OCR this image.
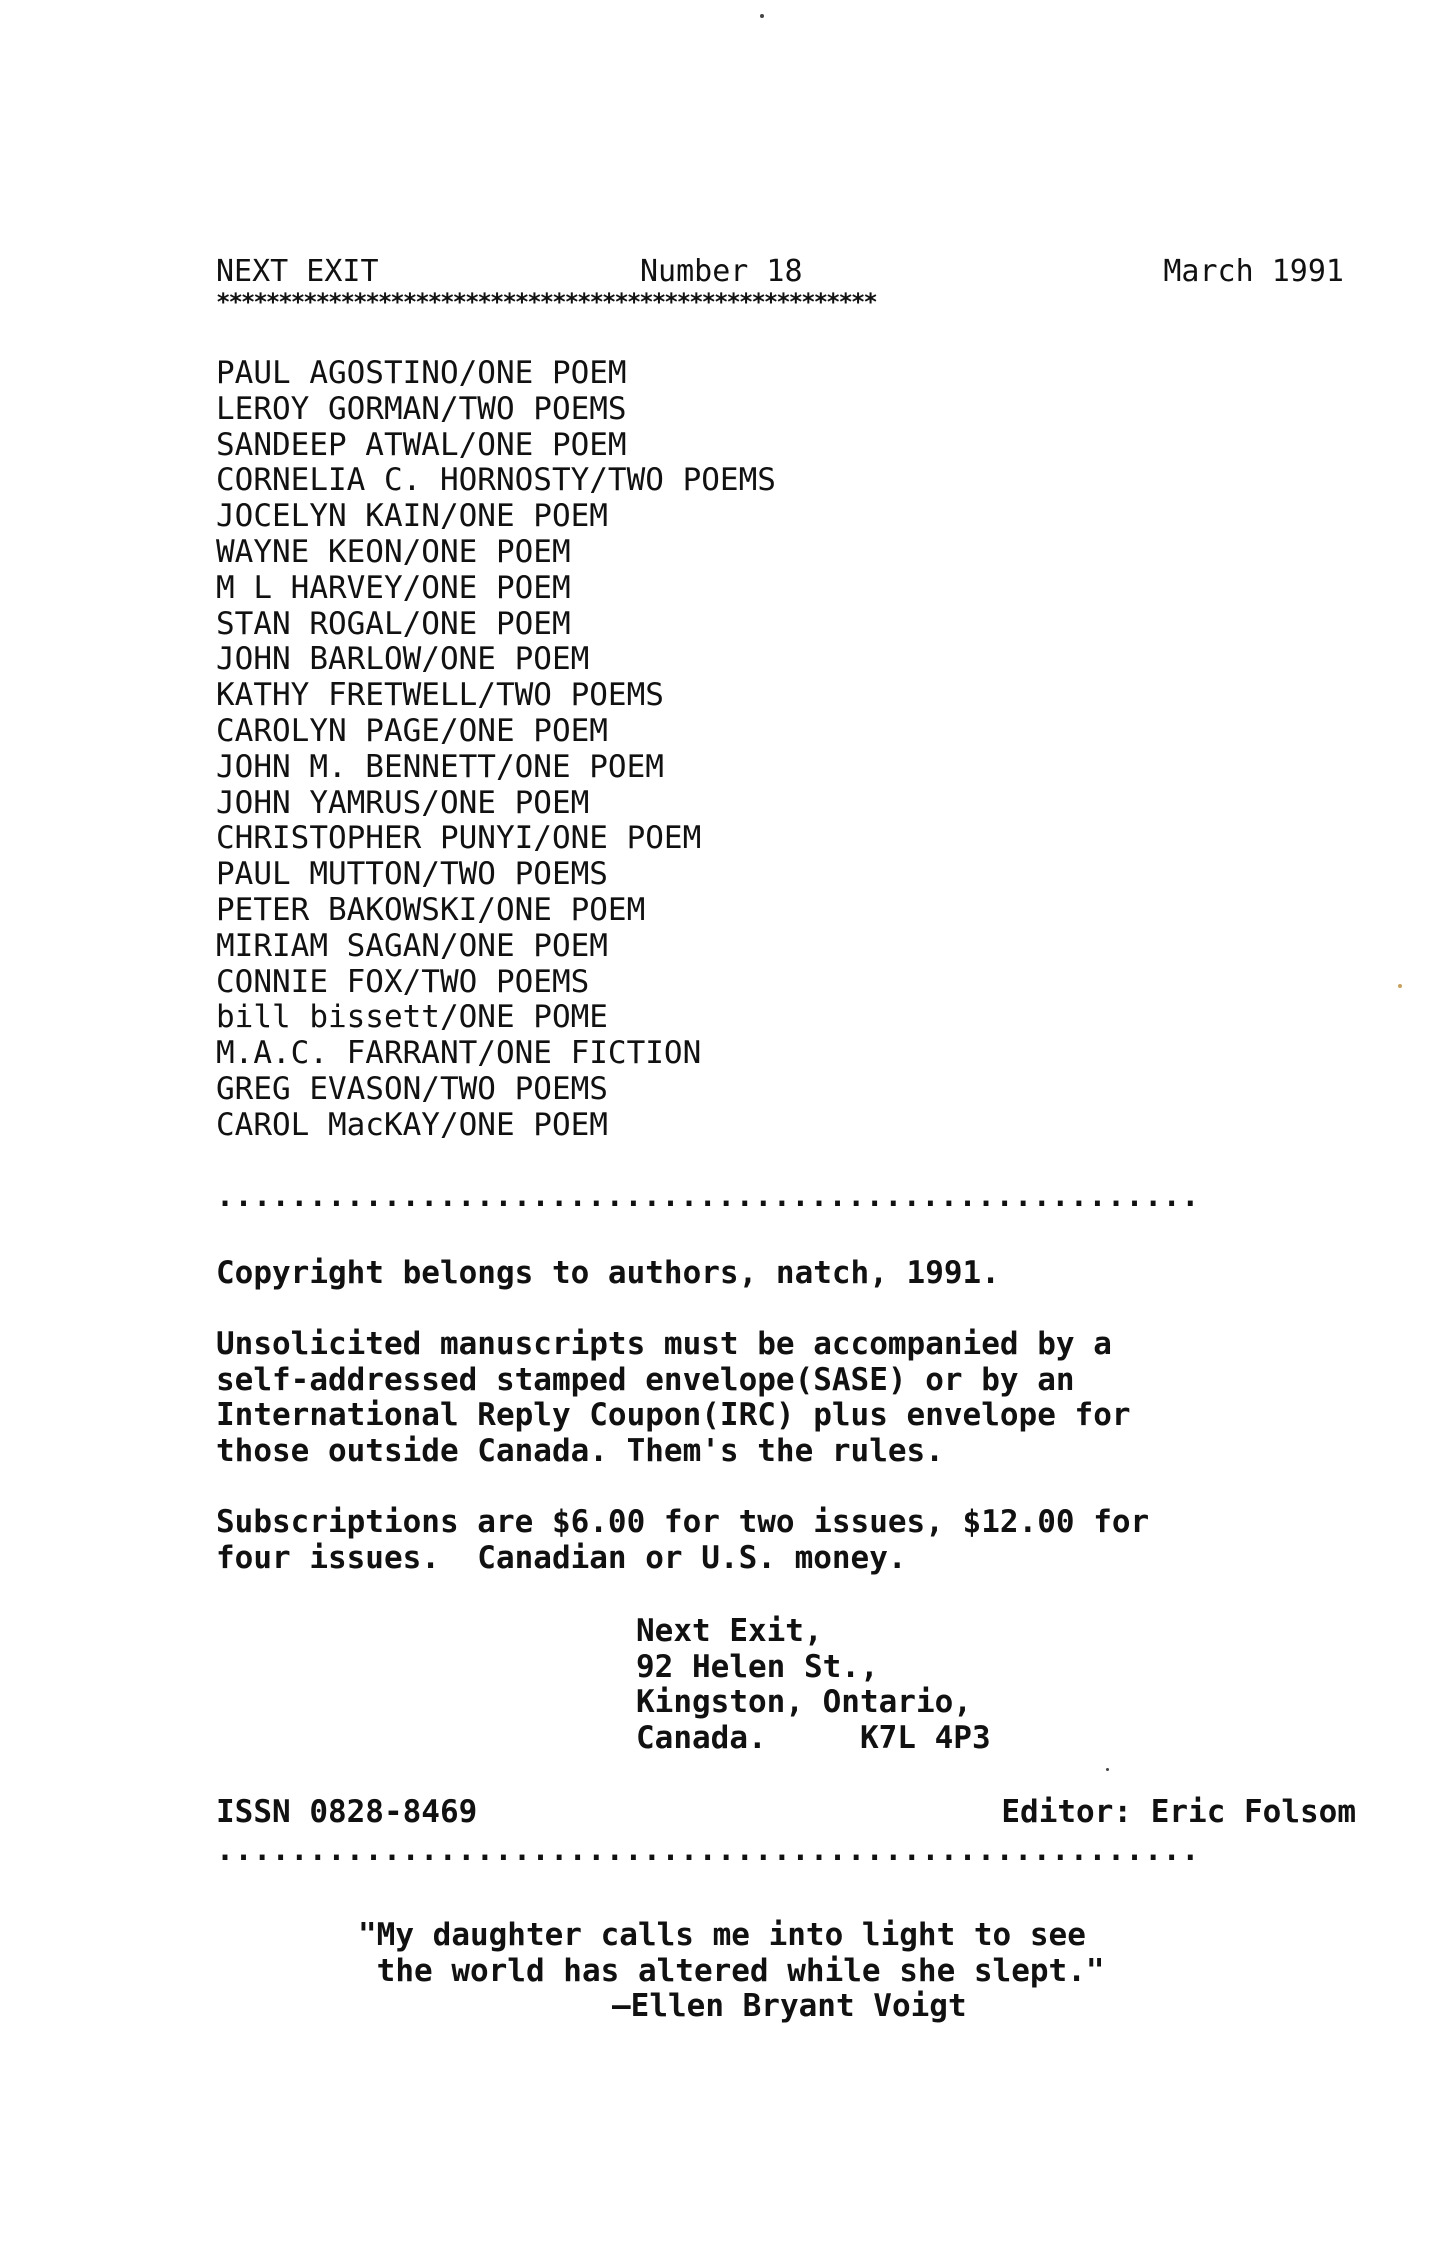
NEXT EXIT	Number 18	March 1991
*****************************************************
PAUL AGOSTINO/ONE POEM
LEROY GORMAN/TWO POEMS
SANDEEP ATWAL/ONE POEM
CORNELIA C. HORNOSTY/TWO POEMS
JOCELYN KAIN/ONE POEM
WAYNE KEON/ONE POEM
M L HARVEY/ONE POEM
STAN ROGAL/ONE POEM
JOHN BARLOW/ONE POEM
KATHY FRETWELL/TWO POEMS
CAROLYN PAGE/ONE POEM
JOHN M. BENNETT/ONE POEM
JOHN YAMRUS/ONE POEM
CHRISTOPHER PUNYI/ONE POEM
PAUL MUTTON/TWO POEMS
PETER BAKOWSKI/ONE POEM
MIRIAM SAGAN/ONE POEM
CONNIE FOX/TWO POEMS
bill bissett/ONE POME
M.A.C. FARRANT/ONE FICTION
GREG EVASON/TWO POEMS
CAROL MacKAY/ONE POEM
.....................................................

Copyright belongs to authors, natch, 1991.

Unsolicited manuscripts must be accompanied by a
self-addressed stamped envelope(SASE) or by an
International Reply Coupon(IRC) plus envelope for
those outside Canada. Them's the rules.

Subscriptions are $6.00 for two issues, $12.00 for
four issues.  Canadian or U.S. money.

Next Exit,
92 Helen St.,
Kingston, Ontario,
Canada.     K7L 4P3
ISSN 0828-8469	Editor: Eric Folsom
.....................................................
"My daughter calls me into light to see
the world has altered while she slept."
—Ellen Bryant Voigt
